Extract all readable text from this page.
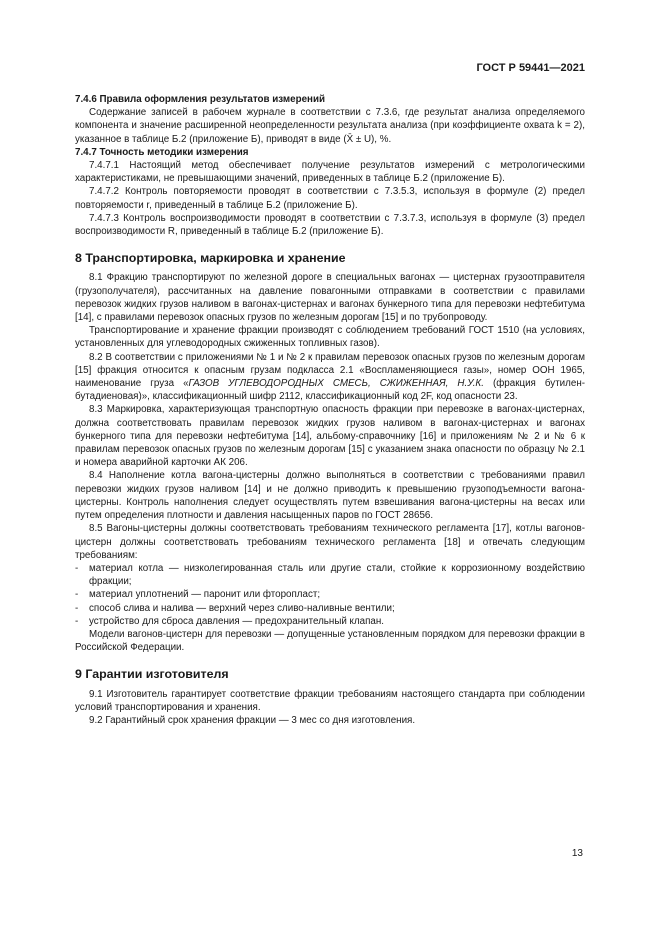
ГОСТ Р 59441—2021

7.4.6 Правила оформления результатов измерений

Содержание записей в рабочем журнале в соответствии с 7.3.6, где результат анализа определяемого компонента и значение расширенной неопределенности результата анализа (при коэффициенте охвата k = 2), указанное в таблице Б.2 (приложение Б), приводят в виде (X̄ ± U), %.

7.4.7 Точность методики измерения

7.4.7.1 Настоящий метод обеспечивает получение результатов измерений с метрологическими характеристиками, не превышающими значений, приведенных в таблице Б.2 (приложение Б).

7.4.7.2 Контроль повторяемости проводят в соответствии с 7.3.5.3, используя в формуле (2) предел повторяемости r, приведенный в таблице Б.2 (приложение Б).

7.4.7.3 Контроль воспроизводимости проводят в соответствии с 7.3.7.3, используя в формуле (3) предел воспроизводимости R, приведенный в таблице Б.2 (приложение Б).

8 Транспортировка, маркировка и хранение

8.1 Фракцию транспортируют по железной дороге в специальных вагонах — цистернах грузоотправителя (грузополучателя), рассчитанных на давление повагонными отправками в соответствии с правилами перевозок жидких грузов наливом в вагонах-цистернах и вагонах бункерного типа для перевозки нефтебитума [14], с правилами перевозок опасных грузов по железным дорогам [15] и по трубопроводу.

Транспортирование и хранение фракции производят с соблюдением требований ГОСТ 1510 (на условиях, установленных для углеводородных сжиженных топливных газов).

8.2 В соответствии с приложениями № 1 и № 2 к правилам перевозок опасных грузов по железным дорогам [15] фракция относится к опасным грузам подкласса 2.1 «Воспламеняющиеся газы», номер ООН 1965, наименование груза «ГАЗОВ УГЛЕВОДОРОДНЫХ СМЕСЬ, СЖИЖЕННАЯ, Н.У.К. (фракция бутилен-бутадиеновая)», классификационный шифр 2112, классификационный код 2F, код опасности 23.

8.3 Маркировка, характеризующая транспортную опасность фракции при перевозке в вагонах-цистернах, должна соответствовать правилам перевозок жидких грузов наливом в вагонах-цистернах и вагонах бункерного типа для перевозки нефтебитума [14], альбому-справочнику [16] и приложениям № 2 и № 6 к правилам перевозок опасных грузов по железным дорогам [15] с указанием знака опасности по образцу № 2.1 и номера аварийной карточки АК 206.

8.4 Наполнение котла вагона-цистерны должно выполняться в соответствии с требованиями правил перевозки жидких грузов наливом [14] и не должно приводить к превышению грузоподъемности вагона-цистерны. Контроль наполнения следует осуществлять путем взвешивания вагона-цистерны на весах или путем определения плотности и давления насыщенных паров по ГОСТ 28656.

8.5 Вагоны-цистерны должны соответствовать требованиям технического регламента [17], котлы вагонов-цистерн должны соответствовать требованиям технического регламента [18] и отвечать следующим требованиям:

-	материал котла — низколегированная сталь или другие стали, стойкие к коррозионному воздействию фракции;
-	материал уплотнений — паронит или фторопласт;
-	способ слива и налива — верхний через сливо-наливные вентили;
-	устройство для сброса давления — предохранительный клапан.

Модели вагонов-цистерн для перевозки — допущенные установленным порядком для перевозки фракции в Российской Федерации.

9 Гарантии изготовителя

9.1 Изготовитель гарантирует соответствие фракции требованиям настоящего стандарта при соблюдении условий транспортирования и хранения.

9.2 Гарантийный срок хранения фракции — 3 мес со дня изготовления.

13
